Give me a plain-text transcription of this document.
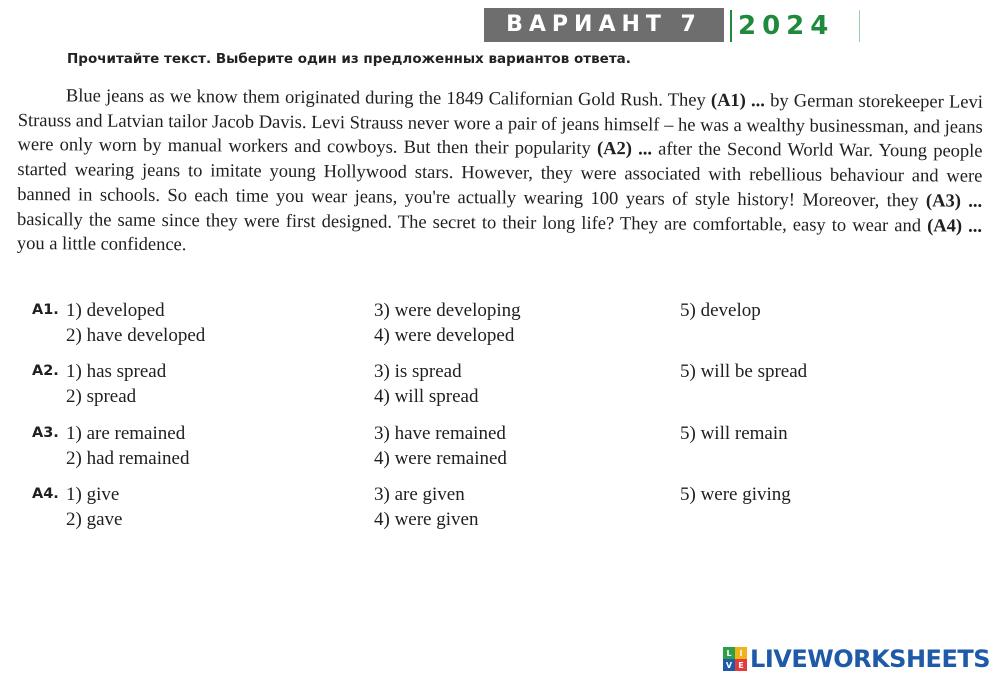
ВАРИАНТ 7	2024
Прочитайте текст. Выберите один из предложенных вариантов ответа.
Blue jeans as we know them originated during the 1849 Californian Gold Rush. They (A1) ... by German storekeeper Levi Strauss and Latvian tailor Jacob Davis. Levi Strauss never wore a pair of jeans himself – he was a wealthy businessman, and jeans were only worn by manual workers and cowboys. But then their popularity (A2) ... after the Second World War. Young people started wearing jeans to imitate young Hollywood stars. However, they were associated with rebellious behaviour and were banned in schools. So each time you wear jeans, you're actually wearing 100 years of style history! Moreover, they (A3) ... basically the same since they were first designed. The secret to their long life? They are comfortable, easy to wear and (A4) ... you a little confidence.
A1. 1) developed
2) have developed
3) were developing
4) were developed
5) develop
A2. 1) has spread
2) spread
3) is spread
4) will spread
5) will be spread
A3. 1) are remained
2) had remained
3) have remained
4) were remained
5) will remain
A4. 1) give
2) gave
3) are given
4) were given
5) were giving
L I
V E LIVEWORKSHEETS
